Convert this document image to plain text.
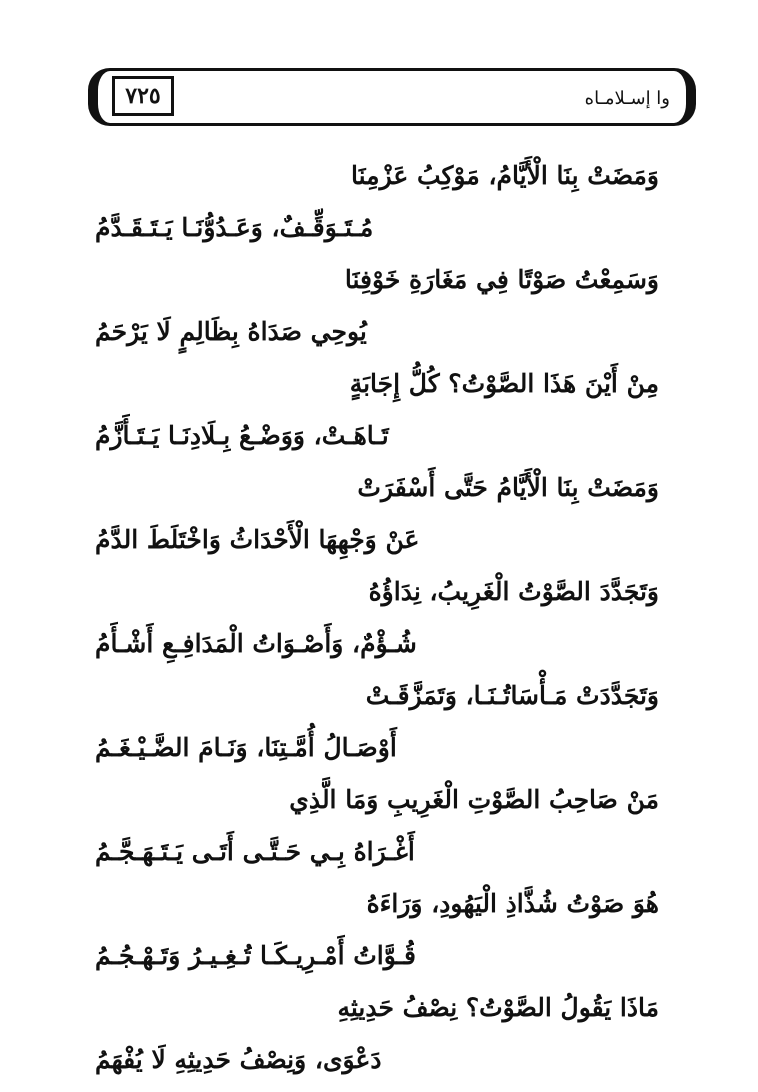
٧٢٥	وا إسـلامـاه
وَمَضَتْ بِنَا الْأَيَّامُ، مَوْكِبُ عَزْمِنَا
مُـتَـوَقِّـفٌ، وَعَـدُوُّنَـا يَـتَـقَـدَّمُ
وَسَمِعْتُ صَوْتًا فِي مَغَارَةِ خَوْفِنَا
يُوحِي صَدَاهُ بِظَالِمٍ لَا يَرْحَمُ
مِنْ أَيْنَ هَذَا الصَّوْتُ؟ كُلُّ إِجَابَةٍ
تَـاهَـتْ، وَوَضْـعُ بِـلَادِنَـا يَـتَـأَزَّمُ
وَمَضَتْ بِنَا الْأَيَّامُ حَتَّى أَسْفَرَتْ
عَنْ وَجْهِهَا الْأَحْدَاثُ وَاخْتَلَطَ الدَّمُ
وَتَجَدَّدَ الصَّوْتُ الْغَرِيبُ، نِدَاؤُهُ
شُـؤْمٌ، وَأَصْـوَاتُ الْمَدَافِـعِ أَشْـأَمُ
وَتَجَدَّدَتْ مَـأْسَاتُـنَـا، وَتَمَزَّقَـتْ
أَوْصَـالُ أُمَّـتِنَا، وَنَـامَ الضَّـيْـغَـمُ
مَنْ صَاحِبُ الصَّوْتِ الْغَرِيبِ وَمَا الَّذِي
أَغْـرَاهُ بِـي حَـتَّـى أَتَـى يَـتَـهَـجَّـمُ
هُوَ صَوْتُ شُذَّاذِ الْيَهُودِ، وَرَاءَهُ
قُـوَّاتُ أَمْـرِيـكَـا تُـغِـيـرُ وَتَـهْـجُـمُ
مَاذَا يَقُولُ الصَّوْتُ؟ نِصْفُ حَدِيثِهِ
دَعْوَى، وَنِصْفُ حَدِيثِهِ لَا يُفْهَمُ
